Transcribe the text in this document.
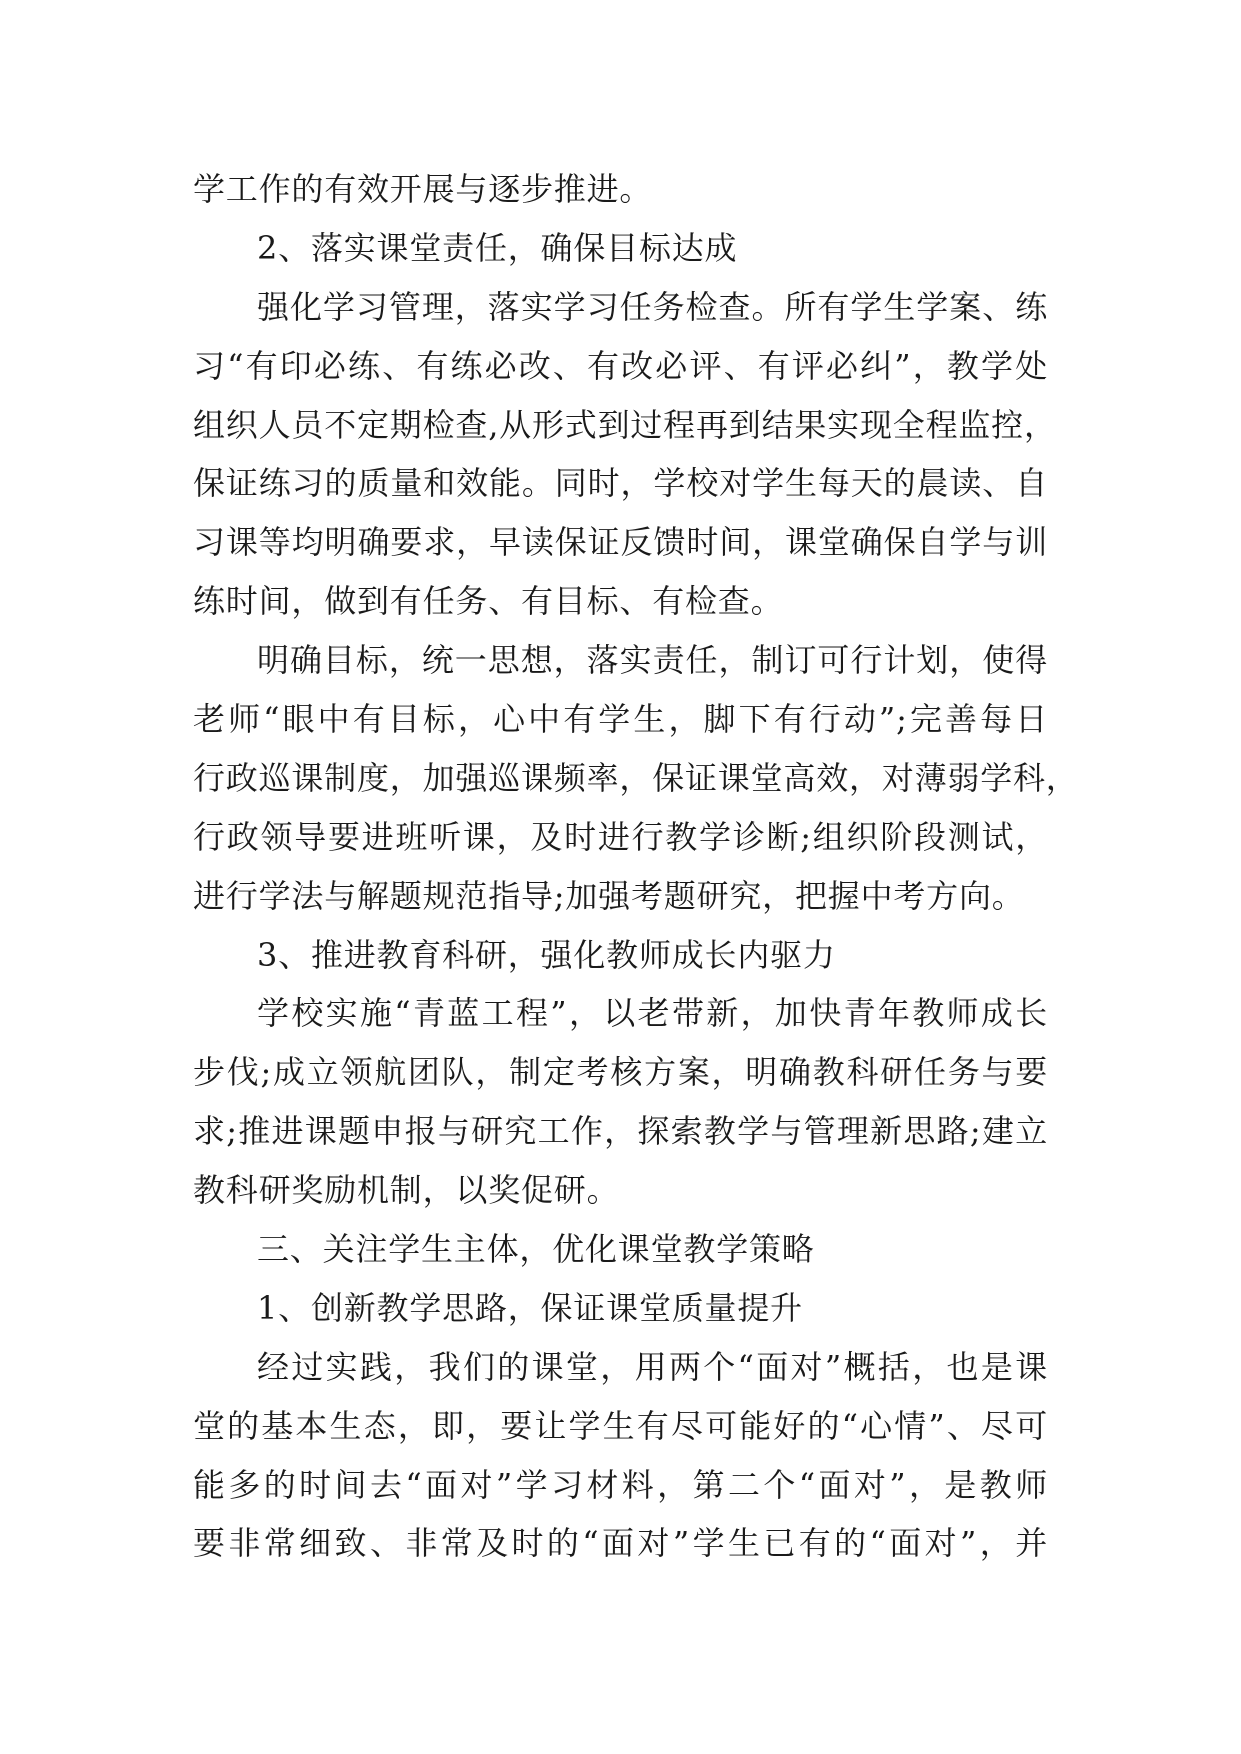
学工作的有效开展与逐步推进。
2、落实课堂责任，确保目标达成
强化学习管理，落实学习任务检查。所有学生学案、练
习“有印必练、有练必改、有改必评、有评必纠”，教学处
组织人员不定期检查,从形式到过程再到结果实现全程监控，
保证练习的质量和效能。同时，学校对学生每天的晨读、自
习课等均明确要求，早读保证反馈时间，课堂确保自学与训
练时间，做到有任务、有目标、有检查。
明确目标，统一思想，落实责任，制订可行计划，使得
老师“眼中有目标，心中有学生，脚下有行动”;完善每日
行政巡课制度，加强巡课频率，保证课堂高效，对薄弱学科，
行政领导要进班听课，及时进行教学诊断;组织阶段测试，
进行学法与解题规范指导;加强考题研究，把握中考方向。
3、推进教育科研，强化教师成长内驱力
学校实施“青蓝工程”，以老带新，加快青年教师成长
步伐;成立领航团队，制定考核方案，明确教科研任务与要
求;推进课题申报与研究工作，探索教学与管理新思路;建立
教科研奖励机制，以奖促研。
三、关注学生主体，优化课堂教学策略
1、创新教学思路，保证课堂质量提升
经过实践，我们的课堂，用两个“面对”概括，也是课
堂的基本生态，即，要让学生有尽可能好的“心情”、尽可
能多的时间去“面对”学习材料，第二个“面对”，是教师
要非常细致、非常及时的“面对”学生已有的“面对”，并
